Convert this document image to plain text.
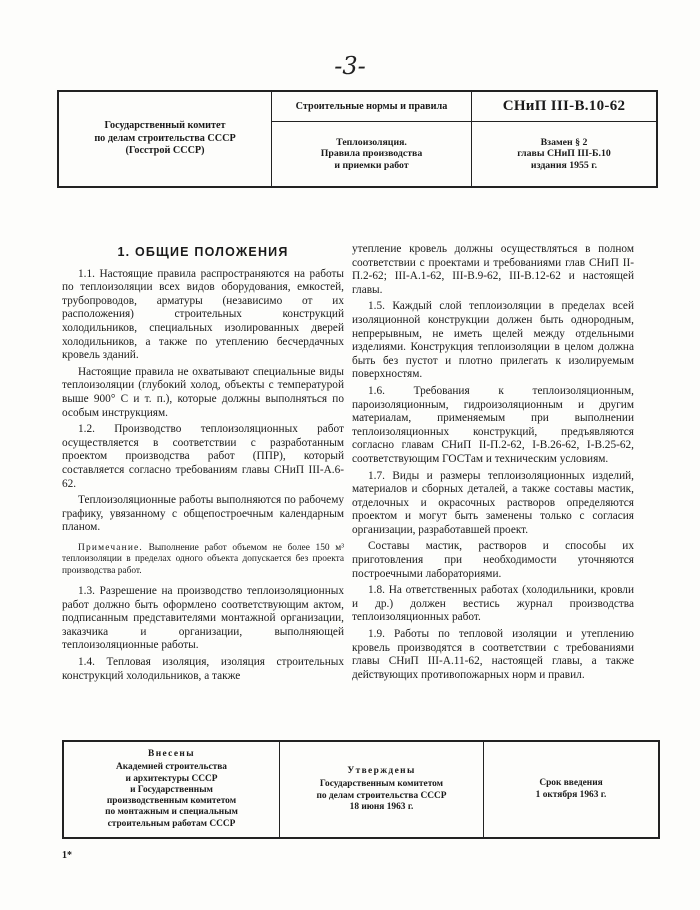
-3-
Государственный комитет
по делам строительства СССР
(Госстрой СССР)
Строительные нормы и правила
Теплоизоляция.
Правила производства
и приемки работ
СНиП III-В.10-62
Взамен § 2
главы СНиП III-Б.10
издания 1955 г.
1. ОБЩИЕ ПОЛОЖЕНИЯ

1.1. Настоящие правила распространяются на работы по теплоизоляции всех видов оборудования, емкостей, трубопроводов, арматуры (независимо от их расположения) строительных конструкций холодильников, специальных изолированных дверей холодильников, а также по утеплению бесчердачных кровель зданий.

Настоящие правила не охватывают специальные виды теплоизоляции (глубокий холод, объекты с температурой выше 900° С и т. п.), которые должны выполняться по особым инструкциям.

1.2. Производство теплоизоляционных работ осуществляется в соответствии с разработанным проектом производства работ (ППР), который составляется согласно требованиям главы СНиП III-А.6-62.

Теплоизоляционные работы выполняются по рабочему графику, увязанному с общепостроечным календарным планом.

Примечание. Выполнение работ объемом не более 150 м³ теплоизоляции в пределах одного объекта допускается без проекта производства работ.

1.3. Разрешение на производство теплоизоляционных работ должно быть оформлено соответствующим актом, подписанным представителями монтажной организации, заказчика и организации, выполняющей теплоизоляционные работы.

1.4. Тепловая изоляция, изоляция строительных конструкций холодильников, а также

утепление кровель должны осуществляться в полном соответствии с проектами и требованиями глав СНиП II-П.2-62; III-А.1-62, III-В.9-62, III-В.12-62 и настоящей главы.

1.5. Каждый слой теплоизоляции в пределах всей изоляционной конструкции должен быть однородным, непрерывным, не иметь щелей между отдельными изделиями. Конструкция теплоизоляции в целом должна быть без пустот и плотно прилегать к изолируемым поверхностям.

1.6. Требования к теплоизоляционным, пароизоляционным, гидроизоляционным и другим материалам, применяемым при выполнении теплоизоляционных конструкций, предъявляются согласно главам СНиП II-П.2-62, I-В.26-62, I-В.25-62, соответствующим ГОСТам и техническим условиям.

1.7. Виды и размеры теплоизоляционных изделий, материалов и сборных деталей, а также составы мастик, отделочных и окрасочных растворов определяются проектом и могут быть заменены только с согласия организации, разработавшей проект.

Составы мастик, растворов и способы их приготовления при необходимости уточняются построечными лабораториями.

1.8. На ответственных работах (холодильники, кровли и др.) должен вестись журнал производства теплоизоляционных работ.

1.9. Работы по тепловой изоляции и утеплению кровель производятся в соответствии с требованиями главы СНиП III-А.11-62, настоящей главы, а также действующих противопожарных норм и правил.

Внесены
Академией строительства
и архитектуры СССР
и Государственным
производственным комитетом
по монтажным и специальным
строительным работам СССР
Утверждены
Государственным комитетом
по делам строительства СССР
18 июня 1963 г.
Срок введения
1 октября 1963 г.
1*
